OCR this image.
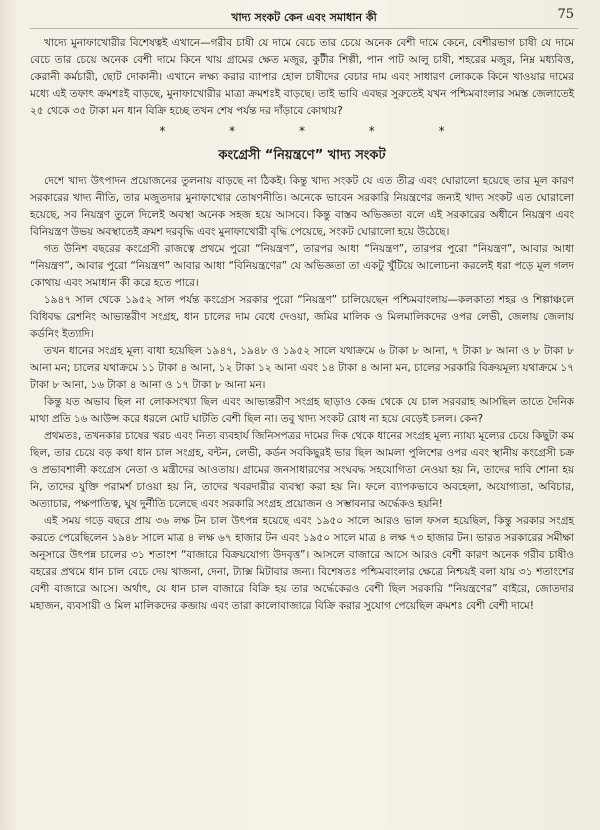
খাদ্য সংকট কেন এবং সমাধান কী	75

খাদ্যে মুনাফাখোরীর বিশেষত্বই এখানে—গরীব চাষী যে দামে বেচে তার চেয়ে অনেক বেশী দামে কেনে, বেশীরভাগ চাষী যে দামে বেচে তার চেয়ে অনেক বেশী দামে কিনে খায় গ্রামের ক্ষেত মজুর, কুটীর শিল্পী, পান পাট আলু চাষী, শহরের মজুর, নিম্ন মধ্যবিত্ত, কেরানী কর্মচারী, ছোট দোকানী। এখানে লক্ষ্য করার ব্যাপার হোল চাষীদের বেচার দাম এবং সাধারণ লোককে কিনে খাওয়ার দামের মধ্যে এই তফাৎ ক্রমশঃই বাড়ছে, মুনাফাখোরীর মাত্রা ক্রমশঃই বাড়ছে। তাই ভাবি এবছর সুরুতেই যখন পশ্চিমবাংলার সমস্ত জেলাতেই ২৫ থেকে ৩৫ টাকা মন ধান বিক্রি হচ্ছে তখন শেষ পর্যন্ত দর দাঁড়াবে কোথায়?

* * * * *
কংগ্রেসী “নিয়ন্ত্রণে” খাদ্য সংকট

দেশে খাদ্য উৎপাদন প্রয়োজনের তুলনায় বাড়ছে না ঠিকই। কিন্তু খাদ্য সংকট যে এত তীব্র এবং ঘোরালো হয়েছে তার মূল কারণ সরকারের খাদ্য নীতি, তার মজুতদার মুনাফাখোর তোষণনীতি। অনেকে ভাবেন সরকারি নিয়ন্ত্রণের জন্যই খাদ্য সংকট এত ঘোরালো হয়েছে, সব নিয়ন্ত্রণ তুলে দিলেই অবস্থা অনেক সহজ হয়ে আসবে। কিন্তু বাস্তব অভিজ্ঞতা বলে এই সরকারের অধীনে নিয়ন্ত্রণ এবং বিনিয়ন্ত্রণ উভয় অবস্থাতেই ক্রমশ দরবৃদ্ধি এবং মুনাফাখোরী বৃদ্ধি পেয়েছে, সংকট ঘোরালো হয়ে উঠেছে।

গত উনিশ বছরের কংগ্রেসী রাজত্বে প্রথমে পুরো “নিয়ন্ত্রণ”, তারপর আধা “নিয়ন্ত্রণ”, তারপর পুরো “নিয়ন্ত্রণ”, আবার আধা “নিয়ন্ত্রণ”, আবার পুরো “নিয়ন্ত্রণ” আবার আধা “বিনিয়ন্ত্রণের” যে অভিজ্ঞতা তা একটু খুঁটিয়ে আলোচনা করলেই ধরা পড়ে মূল গলদ কোথায় এবং সমাধান কী করে হতে পারে।

১৯৪৭ সাল থেকে ১৯৫২ সাল পর্যন্ত কংগ্রেস সরকার পুরো “নিয়ন্ত্রণ” চালিয়েছেন পশ্চিমবাংলায়—কলকাতা শহর ও শিল্পাঞ্চলে বিধিবদ্ধ রেশনিং আভ্যন্তরীণ সংগ্রহ, ধান চালের দাম বেধে দেওয়া, জমির মালিক ও মিলমালিকদের ওপর লেভী, জেলায় জেলায় কর্ডনিং ইত্যাদি।

তখন ধানের সংগ্রহ মূল্য বাধা হয়েছিল ১৯৪৭, ১৯৪৮ ও ১৯৫২ সালে যথাক্রমে ৬ টাকা ৮ আনা, ৭ টাকা ৮ আনা ও ৮ টাকা ৮ আনা মন; চালের যথাক্রমে ১১ টাকা ৪ আনা, ১২ টাকা ১২ আনা এবং ১৪ টাকা ৪ আনা মন, চালের সরকারি বিক্রয়মূল্য যথাক্রমে ১৭ টাকা ৮ আনা, ১৬ টাকা ৪ আনা ও ১৭ টাকা ৮ আনা মন।

কিন্তু যত অভাব ছিল না লোকসংখ্যা ছিল এবং আভ্যন্তরীণ সংগ্রহ ছাড়াও কেন্দ্র থেকে যে চাল সরবরাহ আসছিল তাতে দৈনিক মাথা প্রতি ১৬ আউন্স করে ধরলে মোট ঘাটতি বেশী ছিল না। তবু খাদ্য সংকট রোধ না হয়ে বেড়েই চলল। কেন?

প্রথমতঃ, তখনকার চাষের খরচ এবং নিত্য ব্যবহার্য জিনিসপত্রর দামের দিক থেকে ধানের সংগ্রহ মূল্য ন্যায্য মূল্যের চেয়ে কিছুটা কম ছিল, তার চেয়ে বড় কথা ধান চাল সংগ্রহ, বন্টন, লেভী, কর্ডন সবকিছুরই ভার ছিল আমলা পুলিশের ওপর এবং স্থানীয় কংগ্রেসী চক্র ও প্রভাবশালী কংগ্রেস নেতা ও মন্ত্রীদের আওতায়। গ্রামের জনসাধারণের সংঘবদ্ধ সহযোগিতা নেওয়া হয় নি, তাদের দাবি শোনা হয় নি, তাদের যুক্তি পরামর্শ চাওয়া হয় নি, তাদের খবরদারীর ব্যবস্থা করা হয় নি। ফলে ব্যাপকভাবে অবহেলা, অযোগ্যতা, অবিচার, অত্যাচার, পক্ষপাতিত্ব, ঘুষ দুর্নীতি চলেছে এবং সরকারি সংগ্রহ প্রয়োজন ও সম্ভাবনার অর্দ্ধেকও হয়নি!

এই সময় গড়ে বছরে প্রায় ৩৬ লক্ষ টন চাল উৎপন্ন হয়েছে এবং ১৯৫০ সালে আরও ভাল ফসল হয়েছিল, কিন্তু সরকার সংগ্রহ করতে পেরেছিলেন ১৯৪৮ সালে মাত্র ৪ লক্ষ ৬৭ হাজার টন এবং ১৯৫০ সালে মাত্র ৪ লক্ষ ৭৩ হাজার টন। ভারত সরকারের সমীক্ষা অনুসারে উৎপন্ন চালের ৩১ শতাংশ “বাজারে বিক্রয়যোগ্য উদবৃত্ত”। আসলে বাজারে আসে আরও বেশী কারণ অনেক গরীব চাষীও বহরের প্রথমে ধান চাল বেচে দেয় খাজনা, দেনা, ট্যাক্স মিটাবার জন্য। বিশেষতঃ পশ্চিমবাংলার ক্ষেত্রে নিশ্চয়ই বলা যায় ৩১ শতাংশের বেশী বাজারে আসে। অর্থাৎ, যে ধান চাল বাজারে বিক্রি হয় তার অর্দ্ধেকেরও বেশী ছিল সরকারি “নিয়ন্ত্রণের” বাইরে, জোতদার মহাজন, ব্যবসায়ী ও মিল মালিকদের কব্জায় এবং তারা কালোবাজারে বিক্রি করার সুযোগ পেয়েছিল ক্রমশঃ বেশী বেশী দামে!
